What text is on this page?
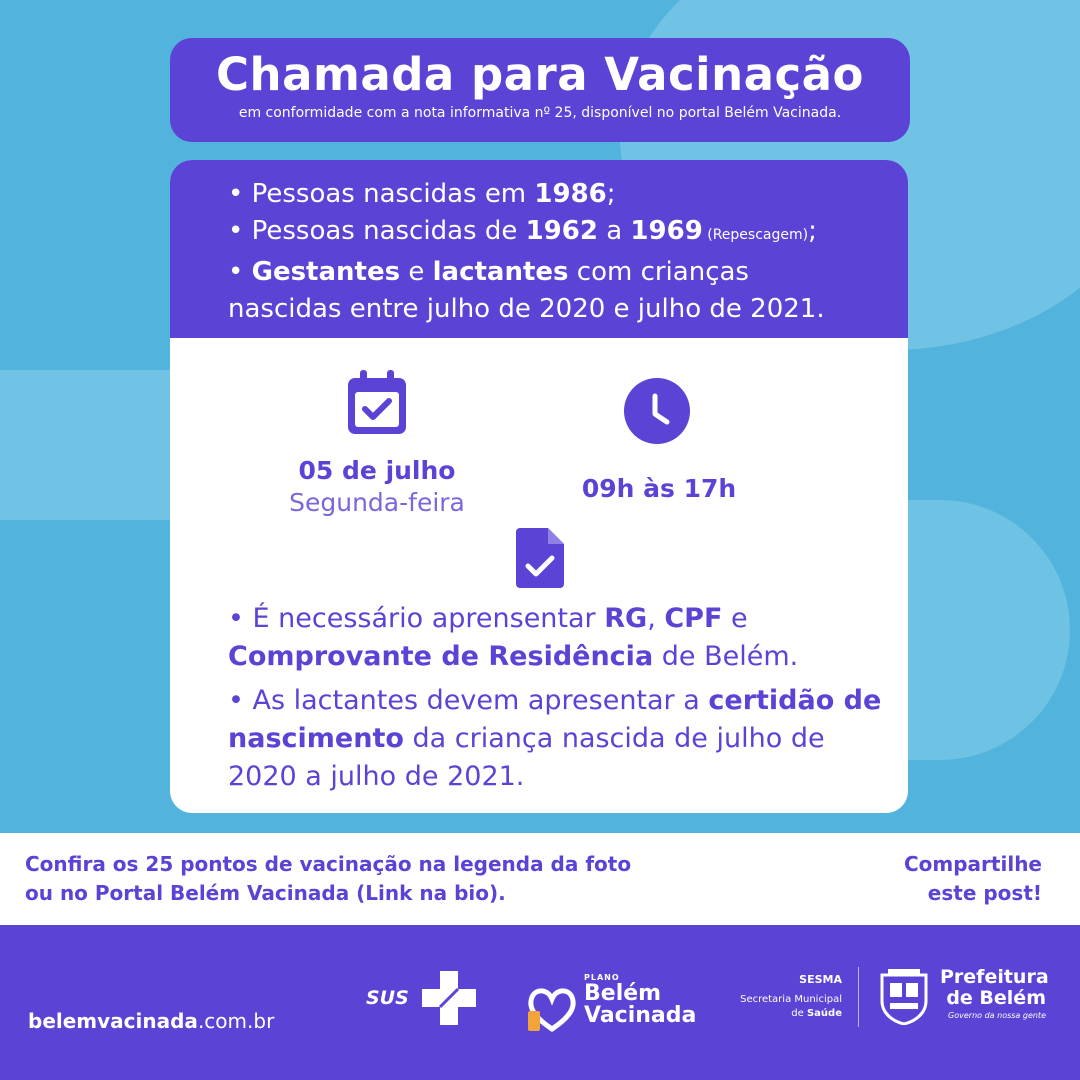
Chamada para Vacinação

em conformidade com a nota informativa nº 25, disponível no portal Belém Vacinada.

• Pessoas nascidas em 1986;
• Pessoas nascidas de 1962 a 1969 (Repescagem);
• Gestantes e lactantes com crianças
nascidas entre julho de 2020 e julho de 2021.
05 de julho
Segunda-feira	09h às 17h

• É necessário aprensentar RG, CPF e
Comprovante de Residência de Belém.

• As lactantes devem apresentar a certidão de nascimento da criança nascida de julho de 2020 a julho de 2021.

Confira os 25 pontos de vacinação na legenda da foto
ou no Portal Belém Vacinada (Link na bio).
Compartilhe
este post!
belemvacinada.com.br
SUS
PLANO
Belém
Vacinada
SESMA
Secretaria Municipal
de Saúde
Prefeitura
de Belém
Governo da nossa gente
